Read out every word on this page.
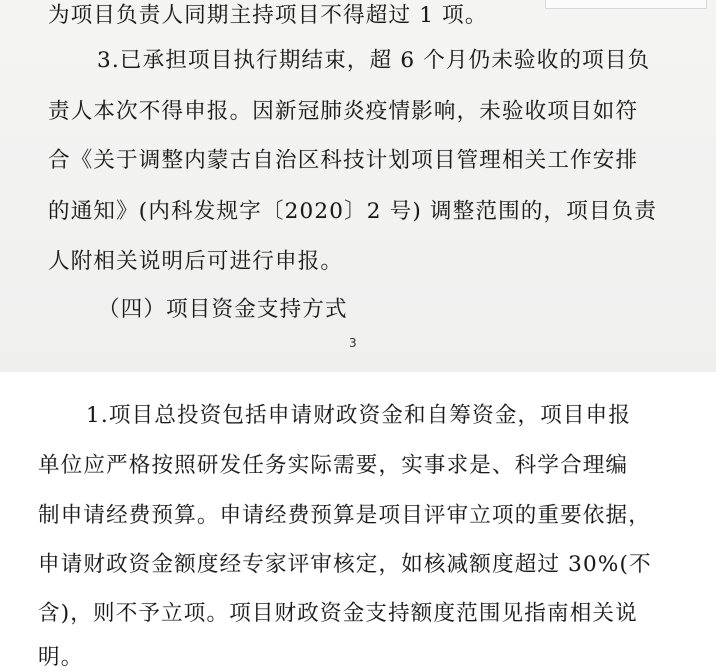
为项目负责人同期主持项目不得超过 1 项。
3.已承担项目执行期结束，超 6 个月仍未验收的项目负
责人本次不得申报。因新冠肺炎疫情影响，未验收项目如符
合《关于调整内蒙古自治区科技计划项目管理相关工作安排
的通知》(内科发规字〔2020〕2 号) 调整范围的，项目负责
人附相关说明后可进行申报。
（四）项目资金支持方式
3
1.项目总投资包括申请财政资金和自筹资金，项目申报
单位应严格按照研发任务实际需要，实事求是、科学合理编
制申请经费预算。申请经费预算是项目评审立项的重要依据，
申请财政资金额度经专家评审核定，如核减额度超过 30%(不
含)，则不予立项。项目财政资金支持额度范围见指南相关说
明。
